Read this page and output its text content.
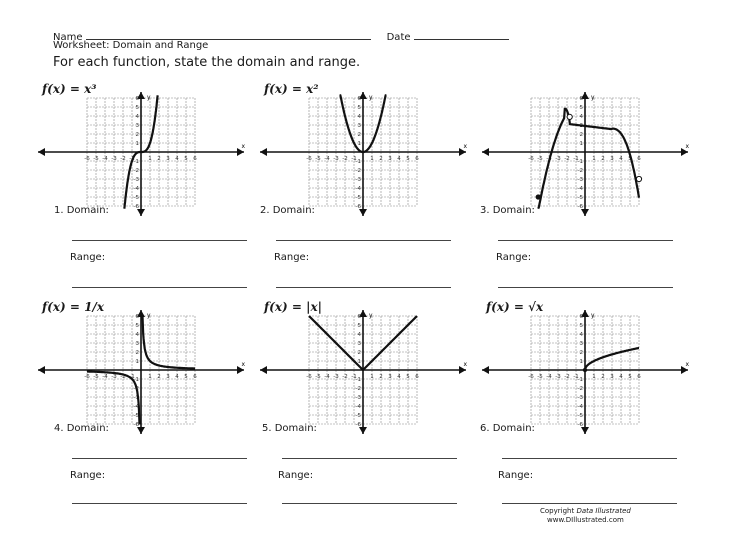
Name	Date
Worksheet: Domain and Range
For each function, state the domain and range.
f(x) = x³
x
y
-6
-6
-5
-5
-4
-4
-3
-3
-2
-2
-1
-1 1
1
2
2
3
3
4
4
5
5
6
6
1. Domain:
Range:
f(x) = x²
x
y
-6
-6
-5
-5
-4
-4
-3
-3
-2
-2
-1
-1 1
1
2
2
3
3
4
4
5
5
6
6
2. Domain:
Range:
x
y
-6
-6
-5
-5
-4
-4
-3
-3
-2
-2
-1
-1 1
1
2
2
3
3
4
4
5
5
6
6
3. Domain:
Range:
f(x) = 1/x
x
y
-6
-6
-5
-5
-4
-4
-3
-3
-2
-2
-1
-1 1
1
2
2
3
3
4
4
5
5
6
6
4. Domain:
Range:
f(x) = |x|
x
y
-6
-6
-5
-5
-4
-4
-3
-3
-2
-2
-1
-1 1
1
2
2
3
3
4
4
5
5
6
6
5. Domain:
Range:
f(x) = √x
x
y
-6
-6
-5
-5
-4
-4
-3
-3
-2
-2
-1
-1 1
1
2
2
3
3
4
4
5
5
6
6
6. Domain:
Range:
Copyright Data Illustrated
www.DIllustrated.com
